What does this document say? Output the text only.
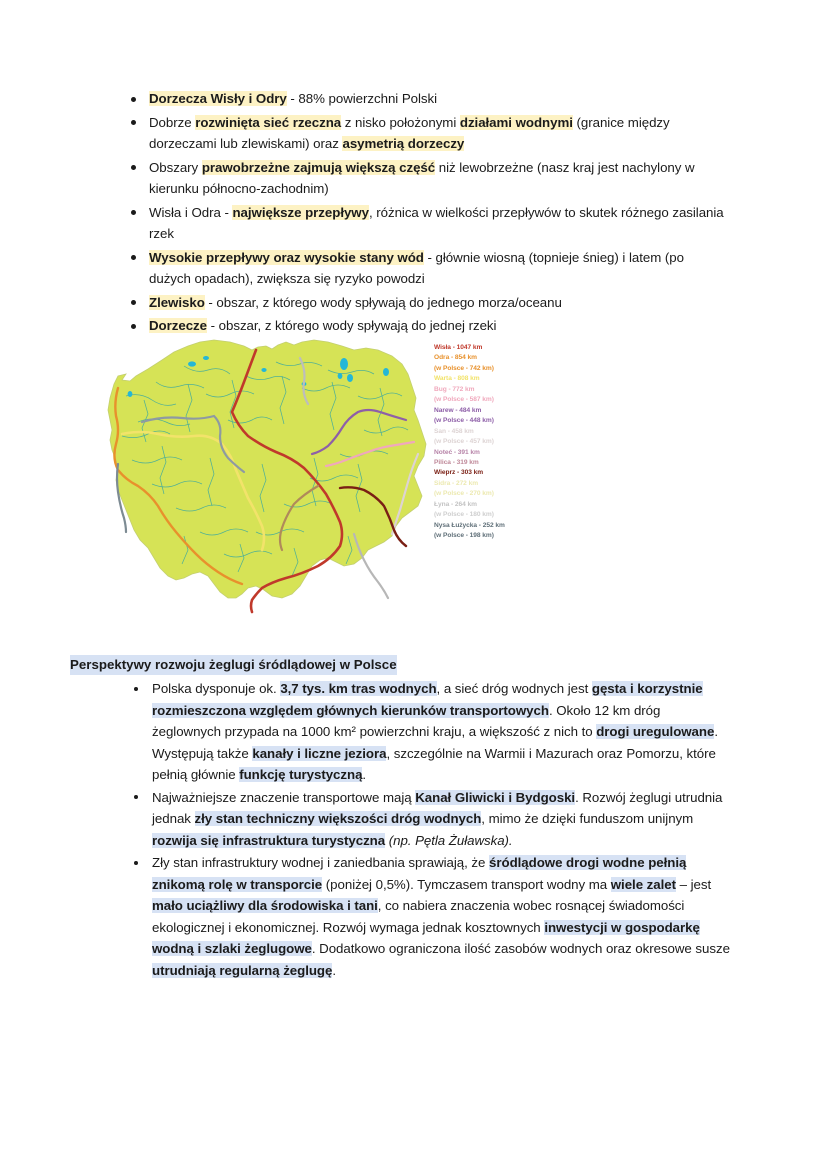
Dorzecza Wisły i Odry - 88% powierzchni Polski
Dobrze rozwinięta sieć rzeczna z nisko położonymi działami wodnymi (granice między dorzeczami lub zlewiskami) oraz asymetrią dorzeczy
Obszary prawobrzeżne zajmują większą część niż lewobrzeżne (nasz kraj jest nachylony w kierunku północno-zachodnim)
Wisła i Odra - największe przepływy, różnica w wielkości przepływów to skutek różnego zasilania rzek
Wysokie przepływy oraz wysokie stany wód - głównie wiosną (topnieje śnieg) i latem (po dużych opadach), zwiększa się ryzyko powodzi
Zlewisko - obszar, z którego wody spływają do jednego morza/oceanu
Dorzecze - obszar, z którego wody spływają do jednej rzeki
Wisła - 1047 km
Odra - 854 km
(w Polsce - 742 km)
Warta - 808 km
Bug - 772 km
(w Polsce - 587 km)
Narew - 484 km
(w Polsce - 448 km)
San - 458 km
(w Polsce - 457 km)
Noteć - 391 km
Pilica - 319 km
Wieprz - 303 km
Sidra - 272 km
(w Polsce - 270 km)
Łyna - 264 km
(w Polsce - 180 km)
Nysa Łużycka - 252 km
(w Polsce - 198 km)
Perspektywy rozwoju żeglugi śródlądowej w Polsce
Polska dysponuje ok. 3,7 tys. km tras wodnych, a sieć dróg wodnych jest gęsta i korzystnie rozmieszczona względem głównych kierunków transportowych. Około 12 km dróg żeglownych przypada na 1000 km² powierzchni kraju, a większość z nich to drogi uregulowane. Występują także kanały i liczne jeziora, szczególnie na Warmii i Mazurach oraz Pomorzu, które pełnią głównie funkcję turystyczną.
Najważniejsze znaczenie transportowe mają Kanał Gliwicki i Bydgoski. Rozwój żeglugi utrudnia jednak zły stan techniczny większości dróg wodnych, mimo że dzięki funduszom unijnym rozwija się infrastruktura turystyczna (np. Pętla Żuławska).
Zły stan infrastruktury wodnej i zaniedbania sprawiają, że śródlądowe drogi wodne pełnią znikomą rolę w transporcie (poniżej 0,5%). Tymczasem transport wodny ma wiele zalet – jest mało uciążliwy dla środowiska i tani, co nabiera znaczenia wobec rosnącej świadomości ekologicznej i ekonomicznej. Rozwój wymaga jednak kosztownych inwestycji w gospodarkę wodną i szlaki żeglugowe. Dodatkowo ograniczona ilość zasobów wodnych oraz okresowe susze utrudniają regularną żeglugę.
